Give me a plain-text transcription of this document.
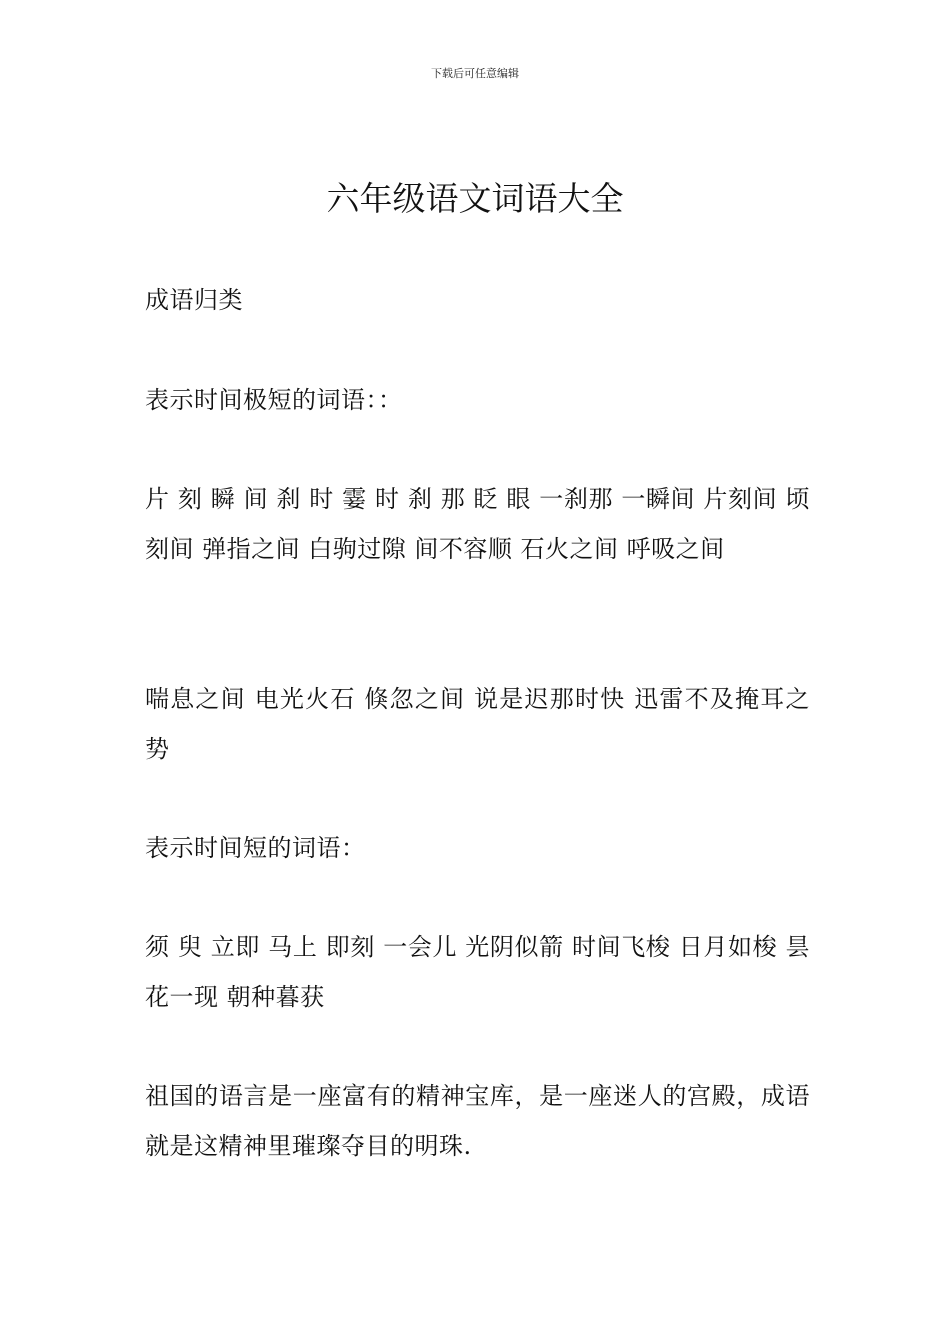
下载后可任意编辑
六年级语文词语大全

成语归类

表示时间极短的词语：：

片 刻 瞬 间 刹 时 霎 时 刹 那 眨 眼 一刹那 一瞬间 片刻间 顷刻间 弹指之间 白驹过隙 间不容顺 石火之间 呼吸之间

喘息之间 电光火石 倏忽之间 说是迟那时快 迅雷不及掩耳之势

表示时间短的词语：

须 臾 立即 马上 即刻 一会儿 光阴似箭 时间飞梭 日月如梭 昙花一现 朝种暮获

祖国的语言是一座富有的精神宝库，是一座迷人的宫殿，成语就是这精神里璀璨夺目的明珠.
